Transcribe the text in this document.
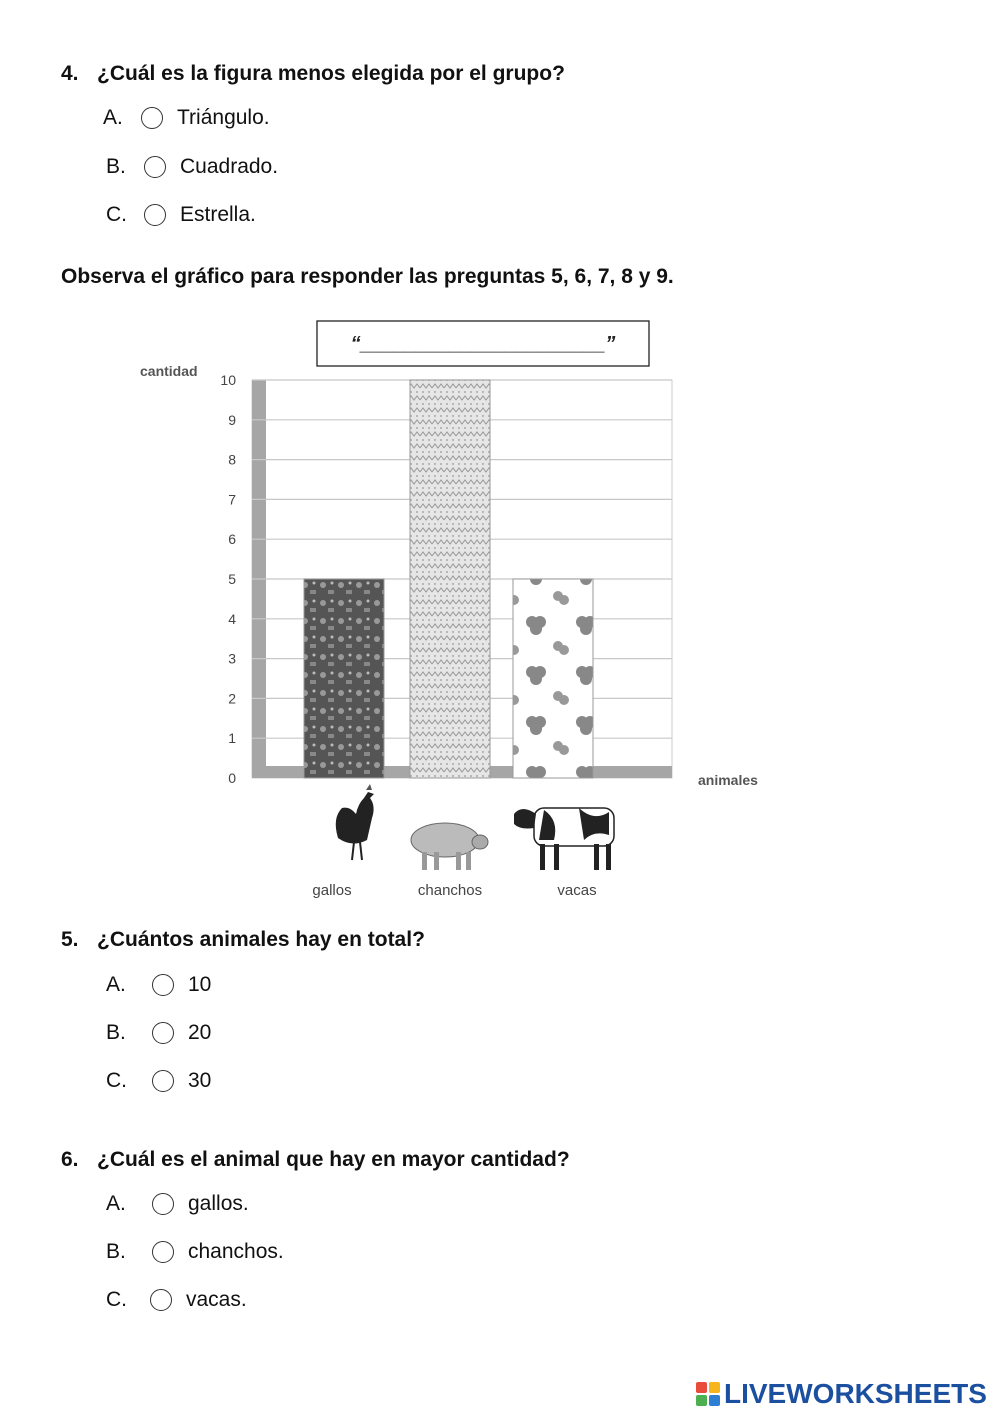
4. ¿Cuál es la figura menos elegida por el grupo?
A.	Triángulo.
B.	Cuadrado.
C.	Estrella.
Observa el gráfico para responder las preguntas 5, 6, 7, 8 y 9.
“______________________”
cantidad
animales
0
1
2
3
4
5
6
7
8
9
10
gallos	chanchos	vacas
5. ¿Cuántos animales hay en total?
A.	10
B.	20
C.	30
6. ¿Cuál es el animal que hay en mayor cantidad?
A.	gallos.
B.	chanchos.
C.	vacas.
LIVEWORKSHEETS
